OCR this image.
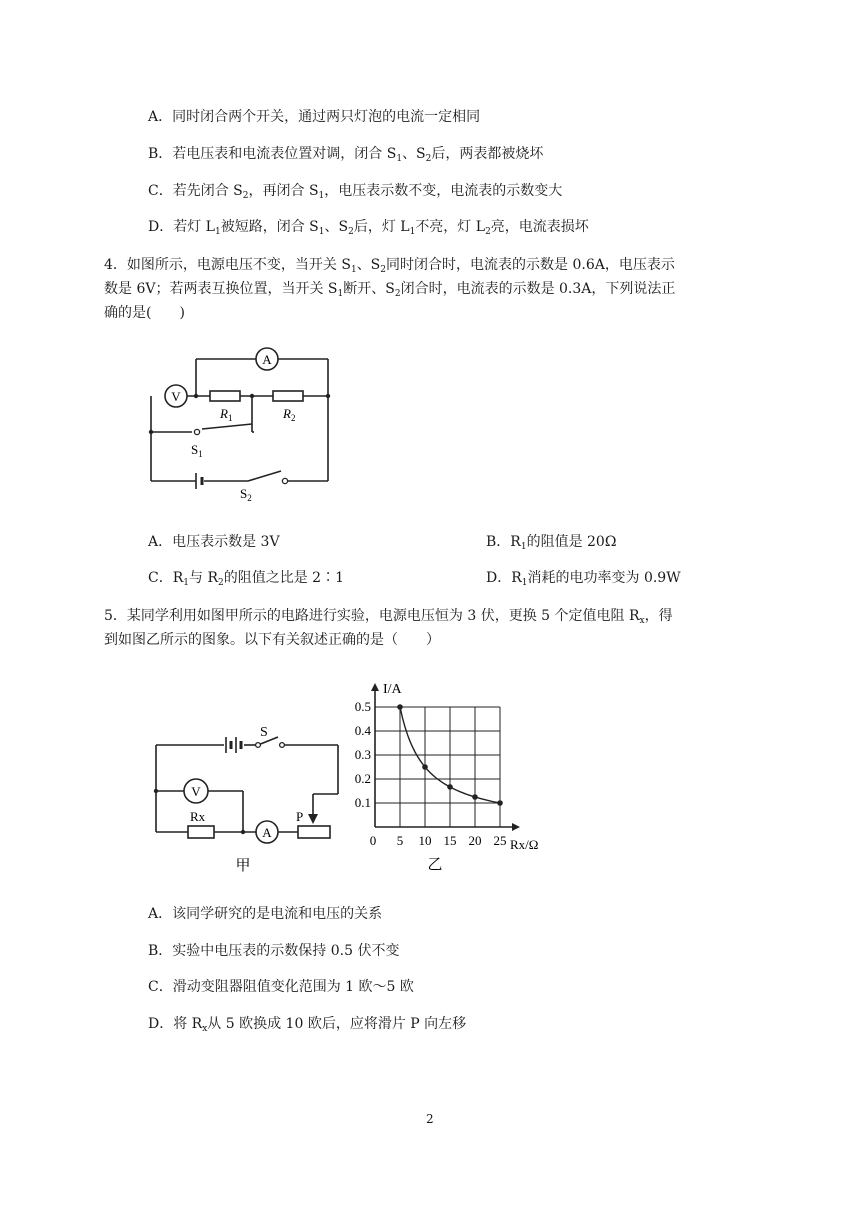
A．同时闭合两个开关，通过两只灯泡的电流一定相同
B．若电压表和电流表位置对调，闭合 $S_1$、$S_2$后，两表都被烧坏
C．若先闭合 $S_2$，再闭合 $S_1$，电压表示数不变，电流表的示数变大
D．若灯 $L_1$被短路，闭合 $S_1$、$S_2$后，灯 $L_1$不亮，灯 $L_2$亮，电流表损坏
4．如图所示，电源电压不变，当开关 $S_1$、$S_2$同时闭合时，电流表的示数是 0.6A，电压表示
数是 6V；若两表互换位置，当开关 $S_1$断开、$S_2$闭合时，电流表的示数是 0.3A，下列说法正
确的是(　　)
A
V
$R_1$	$R_2$
$S_1$
$S_2$
A．电压表示数是 3V	B．$R_1$的阻值是 20Ω
C．$R_1$与 $R_2$的阻值之比是 2∶1	D．$R_1$消耗的电功率变为 0.9W
5．某同学利用如图甲所示的电路进行实验，电源电压恒为 3 伏，更换 5 个定值电阻 $R_x$，得
到如图乙所示的图象。以下有关叙述正确的是（　　）
S
V
Rx
A
P
甲
0 5 10 15 20 25
0.1
0.2
0.3
0.4
0.5
I/A
Rx/Ω
乙
A．该同学研究的是电流和电压的关系
B．实验中电压表的示数保持 0.5 伏不变
C．滑动变阻器阻值变化范围为 1 欧～5 欧
D．将 $R_x$从 5 欧换成 10 欧后，应将滑片 P 向左移
2
